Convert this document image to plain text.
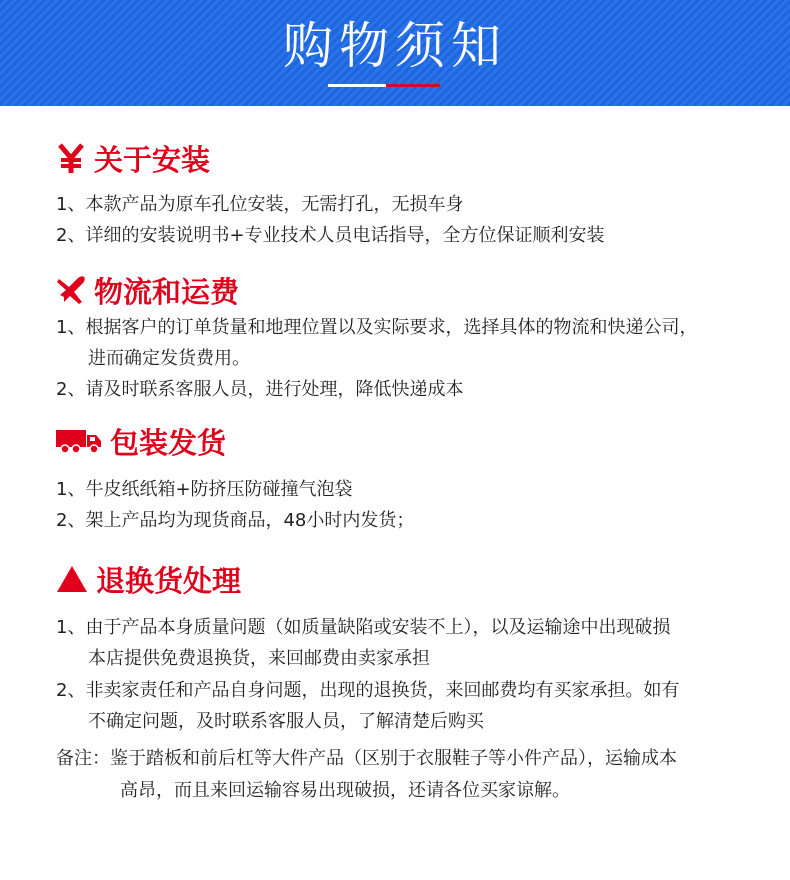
购物须知
关于安装
1、本款产品为原车孔位安装，无需打孔，无损车身
2、详细的安装说明书+专业技术人员电话指导，全方位保证顺利安装
物流和运费
1、根据客户的订单货量和地理位置以及实际要求，选择具体的物流和快递公司，
进而确定发货费用。
2、请及时联系客服人员，进行处理，降低快递成本
包装发货
1、牛皮纸纸箱+防挤压防碰撞气泡袋
2、架上产品均为现货商品，48小时内发货；
退换货处理
1、由于产品本身质量问题（如质量缺陷或安装不上），以及运输途中出现破损
本店提供免费退换货，来回邮费由卖家承担
2、非卖家责任和产品自身问题，出现的退换货，来回邮费均有买家承担。如有
不确定问题，及时联系客服人员，了解清楚后购买
备注：鉴于踏板和前后杠等大件产品（区别于衣服鞋子等小件产品），运输成本
高昂，而且来回运输容易出现破损，还请各位买家谅解。
